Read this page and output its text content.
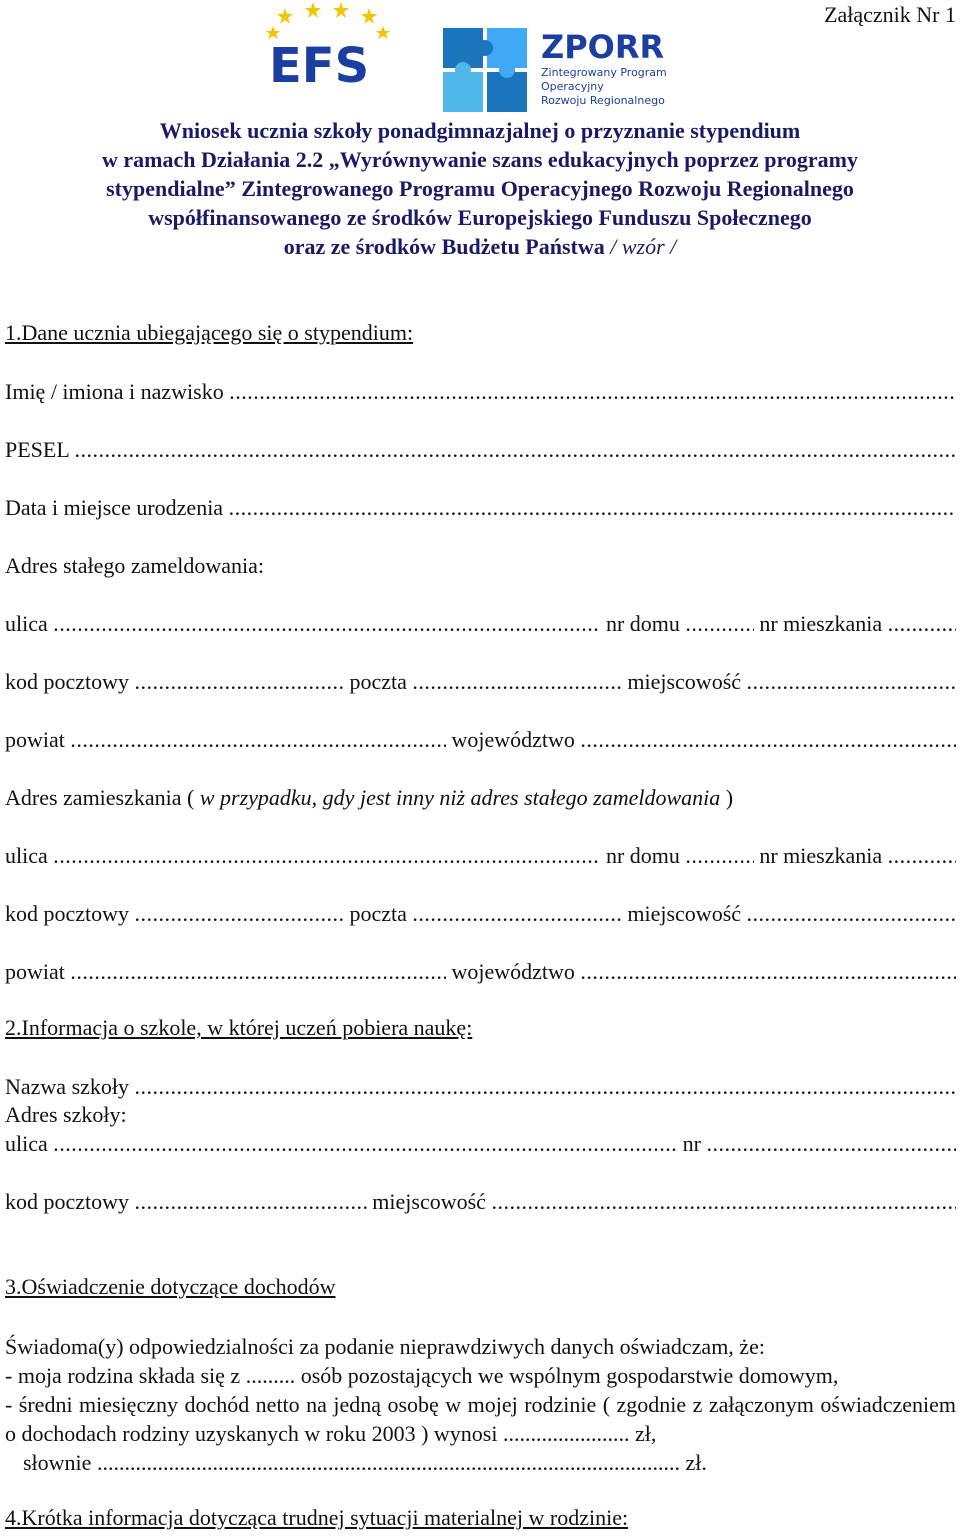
Załącznik Nr 1
EFS	ZPORR
Zintegrowany Program
Operacyjny
Rozwoju Regionalnego
Wniosek ucznia szkoły ponadgimnazjalnej o przyznanie stypendium
w ramach Działania 2.2 „Wyrównywanie szans edukacyjnych poprzez programy
stypendialne” Zintegrowanego Programu Operacyjnego Rozwoju Regionalnego
współfinansowanego ze środków Europejskiego Funduszu Społecznego
oraz ze środków Budżetu Państwa / wzór /
1.Dane ucznia ubiegającego się o stypendium:
Imię / imiona i nazwisko
.....
PESEL
.....
Data i miejsce urodzenia
.....
Adres stałego zameldowania:
ulica .....	nr domu .....	nr mieszkania
.....
kod pocztowy .....	poczta .....	miejscowość
.....
powiat .....	województwo
.....
Adres zamieszkania ( w przypadku, gdy jest inny niż adres stałego zameldowania )
ulica .....	nr domu .....	nr mieszkania
.....
kod pocztowy .....	poczta .....	miejscowość
.....
powiat .....	województwo
.....
2.Informacja o szkole, w której uczeń pobiera naukę:
Nazwa szkoły
.....
Adres szkoły:
ulica .....	nr
.....
kod pocztowy .....	miejscowość
.....
3.Oświadczenie dotyczące dochodów
Świadoma(y) odpowiedzialności za podanie nieprawdziwych danych oświadczam, że:
- moja rodzina składa się z ......... osób pozostających we wspólnym gospodarstwie domowym,
- średni miesięczny dochód netto na jedną osobę w mojej rodzinie ( zgodnie z załączonym oświadczeniem o dochodach rodziny uzyskanych w roku 2003 ) wynosi ....................... zł,
słownie .......................................................................................................... zł.
4.Krótka informacja dotycząca trudnej sytuacji materialnej w rodzinie:
